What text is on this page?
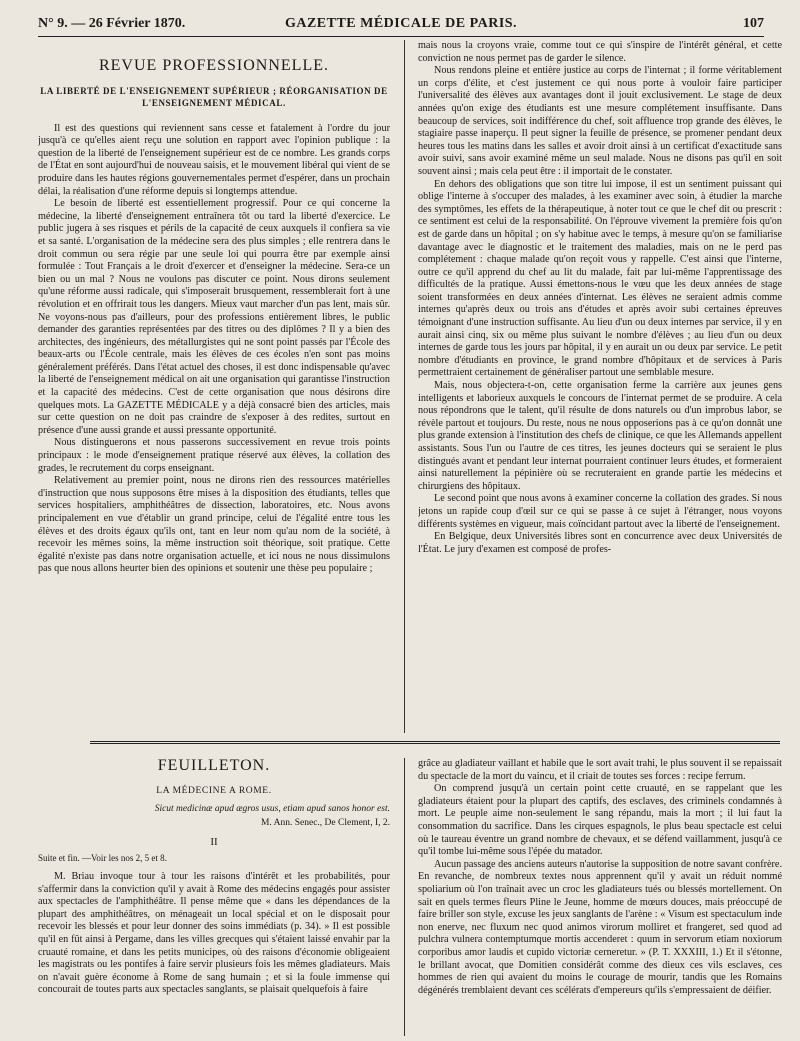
N° 9. — 26 Février 1870.	GAZETTE MÉDICALE DE PARIS.	107
REVUE PROFESSIONNELLE.
LA LIBERTÉ DE L'ENSEIGNEMENT SUPÉRIEUR ; RÉORGANISATION DE L'ENSEIGNEMENT MÉDICAL.

Il est des questions qui reviennent sans cesse et fatalement à l'ordre du jour jusqu'à ce qu'elles aient reçu une solution en rapport avec l'opinion publique : la question de la liberté de l'enseignement supérieur est de ce nombre. Les grands corps de l'État en sont aujourd'hui de nouveau saisis, et le mouvement libéral qui vient de se produire dans les hautes régions gouvernementales permet d'espérer, dans un prochain délai, la réalisation d'une réforme depuis si longtemps attendue.

Le besoin de liberté est essentiellement progressif. Pour ce qui concerne la médecine, la liberté d'enseignement entraînera tôt ou tard la liberté d'exercice. Le public jugera à ses risques et périls de la capacité de ceux auxquels il confiera sa vie et sa santé. L'organisation de la médecine sera des plus simples ; elle rentrera dans le droit commun ou sera régie par une seule loi qui pourra être par exemple ainsi formulée : Tout Français a le droit d'exercer et d'enseigner la médecine. Sera-ce un bien ou un mal ? Nous ne voulons pas discuter ce point. Nous dirons seulement qu'une réforme aussi radicale, qui s'imposerait brusquement, ressemblerait fort à une révolution et en offrirait tous les dangers. Mieux vaut marcher d'un pas lent, mais sûr. Ne voyons-nous pas d'ailleurs, pour des professions entièrement libres, le public demander des garanties représentées par des titres ou des diplômes ? Il y a bien des architectes, des ingénieurs, des métallurgistes qui ne sont point passés par l'École des beaux-arts ou l'École centrale, mais les élèves de ces écoles n'en sont pas moins généralement préférés. Dans l'état actuel des choses, il est donc indispensable qu'avec la liberté de l'enseignement médical on ait une organisation qui garantisse l'instruction et la capacité des médecins. C'est de cette organisation que nous désirons dire quelques mots. La GAZETTE MÉDICALE y a déjà consacré bien des articles, mais sur cette question on ne doit pas craindre de s'exposer à des redites, surtout en présence d'une aussi grande et aussi pressante opportunité.

Nous distinguerons et nous passerons successivement en revue trois points principaux : le mode d'enseignement pratique réservé aux élèves, la collation des grades, le recrutement du corps enseignant.

Relativement au premier point, nous ne dirons rien des ressources matérielles d'instruction que nous supposons être mises à la disposition des étudiants, telles que services hospitaliers, amphithéâtres de dissection, laboratoires, etc. Nous avons principalement en vue d'établir un grand principe, celui de l'égalité entre tous les élèves et des droits égaux qu'ils ont, tant en leur nom qu'au nom de la société, à recevoir les mêmes soins, la même instruction soit théorique, soit pratique. Cette égalité n'existe pas dans notre organisation actuelle, et ici nous ne nous dissimulons pas que nous allons heurter bien des opinions et soutenir une thèse peu populaire ;

mais nous la croyons vraie, comme tout ce qui s'inspire de l'intérêt général, et cette conviction ne nous permet pas de garder le silence.

Nous rendons pleine et entière justice au corps de l'internat ; il forme véritablement un corps d'élite, et c'est justement ce qui nous porte à vouloir faire participer l'universalité des élèves aux avantages dont il jouit exclusivement. Le stage de deux années qu'on exige des étudiants est une mesure complétement insuffisante. Dans beaucoup de services, soit indifférence du chef, soit affluence trop grande des élèves, le stagiaire passe inaperçu. Il peut signer la feuille de présence, se promener pendant deux heures tous les matins dans les salles et avoir droit ainsi à un certificat d'exactitude sans avoir suivi, sans avoir examiné même un seul malade. Nous ne disons pas qu'il en soit souvent ainsi ; mais cela peut être : il importait de le constater.

En dehors des obligations que son titre lui impose, il est un sentiment puissant qui oblige l'interne à s'occuper des malades, à les examiner avec soin, à étudier la marche des symptômes, les effets de la thérapeutique, à noter tout ce que le chef dit ou prescrit : ce sentiment est celui de la responsabilité. On l'éprouve vivement la première fois qu'on est de garde dans un hôpital ; on s'y habitue avec le temps, à mesure qu'on se familiarise davantage avec le diagnostic et le traitement des maladies, mais on ne le perd pas complétement : chaque malade qu'on reçoit vous y rappelle. C'est ainsi que l'interne, outre ce qu'il apprend du chef au lit du malade, fait par lui-même l'apprentissage des difficultés de la pratique. Aussi émettons-nous le vœu que les deux années de stage soient transformées en deux années d'internat. Les élèves ne seraient admis comme internes qu'après deux ou trois ans d'études et après avoir subi certaines épreuves témoignant d'une instruction suffisante. Au lieu d'un ou deux internes par service, il y en aurait ainsi cinq, six ou même plus suivant le nombre d'élèves ; au lieu d'un ou deux internes de garde tous les jours par hôpital, il y en aurait un ou deux par service. Le petit nombre d'étudiants en province, le grand nombre d'hôpitaux et de services à Paris permettraient certainement de généraliser partout une semblable mesure.

Mais, nous objectera-t-on, cette organisation ferme la carrière aux jeunes gens intelligents et laborieux auxquels le concours de l'internat permet de se produire. A cela nous répondrons que le talent, qu'il résulte de dons naturels ou d'un improbus labor, se révèle partout et toujours. Du reste, nous ne nous opposerions pas à ce qu'on donnât une plus grande extension à l'institution des chefs de clinique, ce que les Allemands appellent assistants. Sous l'un ou l'autre de ces titres, les jeunes docteurs qui se seraient le plus distingués avant et pendant leur internat pourraient continuer leurs études, et formeraient ainsi naturellement la pépinière où se recruteraient en grande partie les médecins et chirurgiens des hôpitaux.

Le second point que nous avons à examiner concerne la collation des grades. Si nous jetons un rapide coup d'œil sur ce qui se passe à ce sujet à l'étranger, nous voyons différents systèmes en vigueur, mais coïncidant partout avec la liberté de l'enseignement.

En Belgique, deux Universités libres sont en concurrence avec deux Universités de l'État. Le jury d'examen est composé de profes-

FEUILLETON.
LA MÉDECINE A ROME.
Sicut medicinæ apud ægros usus, etiam apud sanos honor est.
M. Ann. Senec., De Clement, I, 2.
II
Suite et fin. —Voir les nos 2, 5 et 8.

M. Briau invoque tour à tour les raisons d'intérêt et les probabilités, pour s'affermir dans la conviction qu'il y avait à Rome des médecins engagés pour assister aux spectacles de l'amphithéâtre. Il pense même que « dans les dépendances de la plupart des amphithéâtres, on ménageait un local spécial et on le disposait pour recevoir les blessés et pour leur donner des soins immédiats (p. 34). » Il est possible qu'il en fût ainsi à Pergame, dans les villes grecques qui s'étaient laissé envahir par la cruauté romaine, et dans les petits municipes, où des raisons d'économie obligeaient les magistrats ou les pontifes à faire servir plusieurs fois les mêmes gladiateurs. Mais on n'avait guère économe à Rome de sang humain ; et si la foule immense qui concourait de toutes parts aux spectacles sanglants, se plaisait quelquefois à faire

grâce au gladiateur vaillant et habile que le sort avait trahi, le plus souvent il se repaissait du spectacle de la mort du vaincu, et il criait de toutes ses forces : recipe ferrum.

On comprend jusqu'à un certain point cette cruauté, en se rappelant que les gladiateurs étaient pour la plupart des captifs, des esclaves, des criminels condamnés à mort. Le peuple aime non-seulement le sang répandu, mais la mort ; il lui faut la consommation du sacrifice. Dans les cirques espagnols, le plus beau spectacle est celui où le taureau éventre un grand nombre de chevaux, et se défend vaillamment, jusqu'à ce qu'il tombe lui-même sous l'épée du matador.

Aucun passage des anciens auteurs n'autorise la supposition de notre savant confrère. En revanche, de nombreux textes nous apprennent qu'il y avait un réduit nommé spoliarium où l'on traînait avec un croc les gladiateurs tués ou blessés mortellement. On sait en quels termes fleurs Pline le Jeune, homme de mœurs douces, mais préoccupé de faire briller son style, excuse les jeux sanglants de l'arène : « Visum est spectaculum inde non enerve, nec fluxum nec quod animos virorum molliret et frangeret, sed quod ad pulchra vulnera contemptumque mortis accenderet : quum in servorum etiam noxiorum corporibus amor laudis et cupido victoriæ cerneretur. » (P. T. XXXIII, 1.) Et il s'étonne, le brillant avocat, que Domitien considérât comme des dieux ces vils esclaves, ces hommes de rien qui avaient du moins le courage de mourir, tandis que les Romains dégénérés tremblaient devant ces scélérats d'empereurs qu'ils s'empressaient de déifier.
